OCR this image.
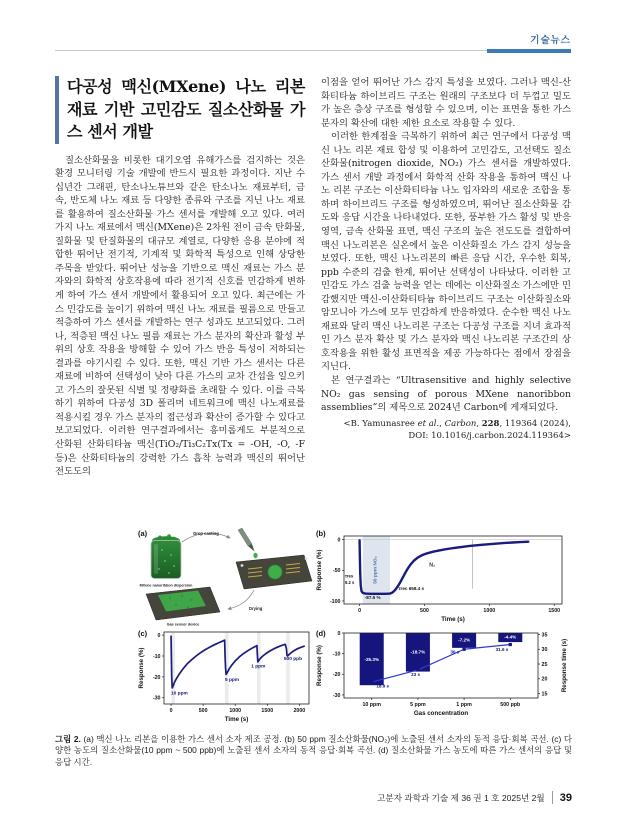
기술뉴스
다공성 맥신(MXene) 나노 리본 재료 기반 고민감도 질소산화물 가스 센서 개발

질소산화물을 비롯한 대기오염 유해가스를 검지하는 것은 환경 모니터링 기술 개발에 반드시 필요한 과정이다. 지난 수십년간 그래핀, 탄소나노튜브와 같은 탄소나노 재료부터, 금속, 반도체 나노 재료 등 다양한 종류와 구조를 지닌 나노 재료를 활용하여 질소산화물 가스 센서를 개발해 오고 있다. 여러가지 나노 재료에서 맥신(MXene)은 2차원 전이 금속 탄화물, 질화물 및 탄질화물의 대규모 계열로, 다양한 응용 분야에 적합한 뛰어난 전기적, 기계적 및 화학적 특성으로 인해 상당한 주목을 받았다. 뛰어난 성능을 기반으로 맥신 재료는 가스 분자와의 화학적 상호작용에 따라 전기적 신호를 민감하게 변하게 하여 가스 센서 개발에서 활용되어 오고 있다. 최근에는 가스 민감도를 높이기 위하여 맥신 나노 재료를 필름으로 만들고 적층하여 가스 센서를 개발하는 연구 성과도 보고되었다. 그러나, 적층된 맥신 나노 필름 재료는 가스 분자의 확산과 활성 부위의 상호 작용을 방해할 수 있어 가스 반응 특성이 저하되는 결과를 야기시킬 수 있다. 또한, 맥신 기반 가스 센서는 다른 재료에 비하여 선택성이 낮아 다른 가스의 교차 간섭을 일으키고 가스의 잘못된 식별 및 정량화를 초래할 수 있다. 이를 극복하기 위하여 다공성 3D 폴리머 네트워크에 맥신 나노재료를 적용시킬 경우 가스 분자의 접근성과 확산이 증가할 수 있다고 보고되었다. 이러한 연구결과에서는 흥미롭게도 부분적으로 산화된 산화티타늄 맥신(TiO₂/Ti₃C₂Tx(Tx = -OH, -O, -F 등)은 산화티타늄의 강력한 가스 흡착 능력과 맥신의 뛰어난 전도도의

이점을 얻어 뛰어난 가스 감지 특성을 보였다. 그러나 맥신-산화티타늄 하이브리드 구조는 원래의 구조보다 더 두껍고 밀도가 높은 층상 구조를 형성할 수 있으며, 이는 표면을 통한 가스 분자의 확산에 대한 제한 요소로 작용할 수 있다.

이러한 한계점을 극복하기 위하여 최근 연구에서 다공성 맥신 나노 리본 재료 합성 및 이용하여 고민감도, 고선택도 질소산화물(nitrogen dioxide, NO₂) 가스 센서를 개발하였다. 가스 센서 개발 과정에서 화학적 산화 작용을 통하여 맥신 나노 리본 구조는 이산화티타늄 나노 입자와의 새로운 조합을 통하며 하이브리드 구조를 형성하였으며, 뛰어난 질소산화물 감도와 응답 시간을 나타내었다. 또한, 풍부한 가스 활성 및 반응 영역, 금속 산화물 표면, 맥신 구조의 높은 전도도를 결합하여 맥신 나노리본은 실온에서 높은 이산화질소 가스 감지 성능을 보였다. 또한, 맥신 나노리본의 빠른 응답 시간, 우수한 회복, ppb 수준의 검출 한계, 뛰어난 선택성이 나타났다. 이러한 고민감도 가스 검출 능력을 얻는 데에는 이산화질소 가스에만 민감했지만 맥신-이산화티타늄 하이브리드 구조는 이산화질소와 암모니아 가스에 모두 민감하게 반응하였다. 순수한 맥신 나노 재료와 달리 맥신 나노리본 구조는 다공성 구조를 지녀 효과적인 가스 분자 확산 및 가스 분자와 맥신 나노리본 구조간의 상호작용을 위한 활성 표면적을 제공 가능하다는 점에서 장점을 지닌다.

본 연구결과는 “Ultrasensitive and highly selective NO₂ gas sensing of porous MXene nanoribbon assemblies”의 제목으로 2024년 Carbon에 게재되었다.

<B. Yamunasree et al., Carbon, 228, 119364 (2024),
DOI: 10.1016/j.carbon.2024.119364>
(a)
MXene nanoribbon dispersion
Drop casting
Drying
Gas sensor device
(b)
50 ppm NO₂
0	500	1000	1500
0
-50
-100
Time (s)
Response (%)	N₂
τres
9.2 s
-87.5 %
τrec 658.4 s
(c)
0	500	1000	1500	2000
0
-10
-20
-30
Time (s)
Response (%)
10 ppm
5 ppm
1 ppm
500 ppb
(d)
10 ppm	5 ppm	1 ppm	500 ppb
0
-10
-20
-30	15
20
25
30
35
Gas concentration
Response (%)	Response time (s)
-25.3%
-18.7%
-7.2%
-4.4%
18.9 s
23 s
30 s	31.6 s
그림 2. (a) 맥신 나노 리본을 이용한 가스 센서 소자 제조 공정. (b) 50 ppm 질소산화물(NO₂)에 노출된 센서 소자의 동적 응답·회복 곡선. (c) 다양한 농도의 질소산화물(10 ppm ~ 500 ppb)에 노출된 센서 소자의 동적 응답·회복 곡선. (d) 질소산화물 가스 농도에 따른 가스 센서의 응답 및 응답 시간.
고분자 과학과 기술 제 36 권 1 호 2025년 2월 39
